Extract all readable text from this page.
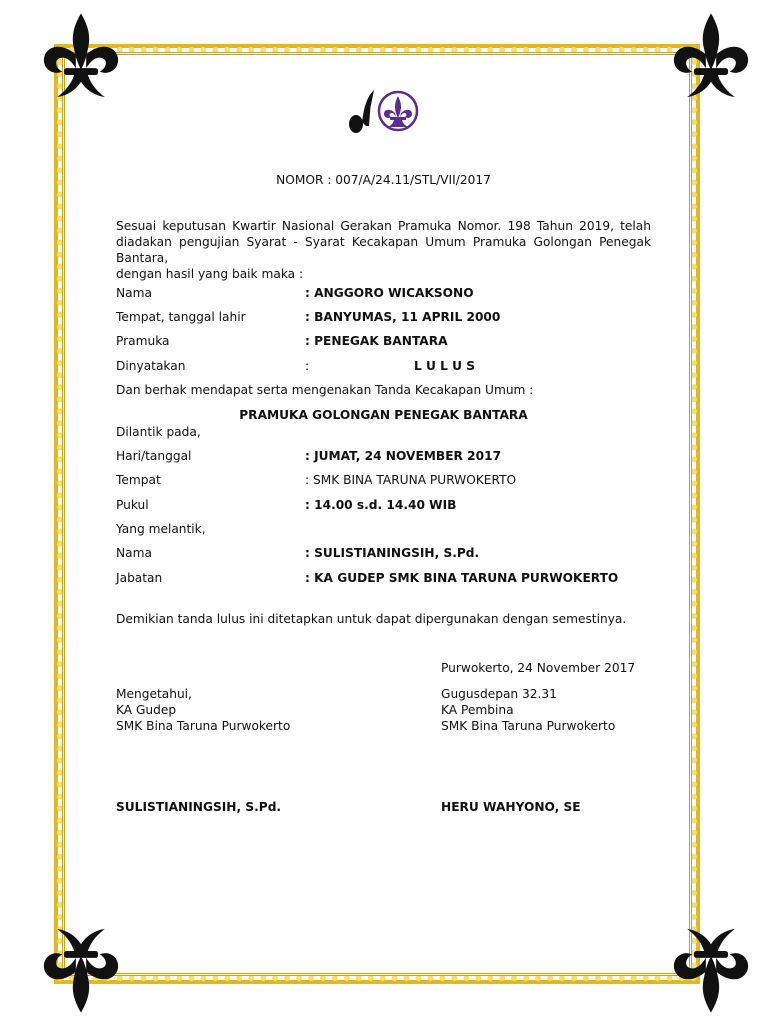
NOMOR : 007/A/24.11/STL/VII/2017
Sesuai keputusan Kwartir Nasional Gerakan Pramuka Nomor. 198 Tahun 2019, telah
diadakan pengujian Syarat - Syarat Kecakapan Umum Pramuka Golongan Penegak Bantara,
dengan hasil yang baik maka :
Nama	: ANGGORO WICAKSONO
Tempat, tanggal lahir	: BANYUMAS, 11 APRIL 2000
Pramuka	: PENEGAK BANTARA
Dinyatakan	:	L U L U S
Dan berhak mendapat serta mengenakan Tanda Kecakapan Umum :
PRAMUKA GOLONGAN PENEGAK BANTARA
Dilantik pada,
Hari/tanggal	: JUMAT, 24 NOVEMBER 2017
Tempat	: SMK BINA TARUNA PURWOKERTO
Pukul	: 14.00 s.d. 14.40 WIB
Yang melantik,
Nama	: SULISTIANINGSIH, S.Pd.
Jabatan	: KA GUDEP SMK BINA TARUNA PURWOKERTO
Demikian tanda lulus ini ditetapkan untuk dapat dipergunakan dengan semestinya.
Purwokerto, 24 November 2017
Mengetahui,
KA Gudep
SMK Bina Taruna Purwokerto
Gugusdepan 32.31
KA Pembina
SMK Bina Taruna Purwokerto
SULISTIANINGSIH, S.Pd.	HERU WAHYONO, SE
